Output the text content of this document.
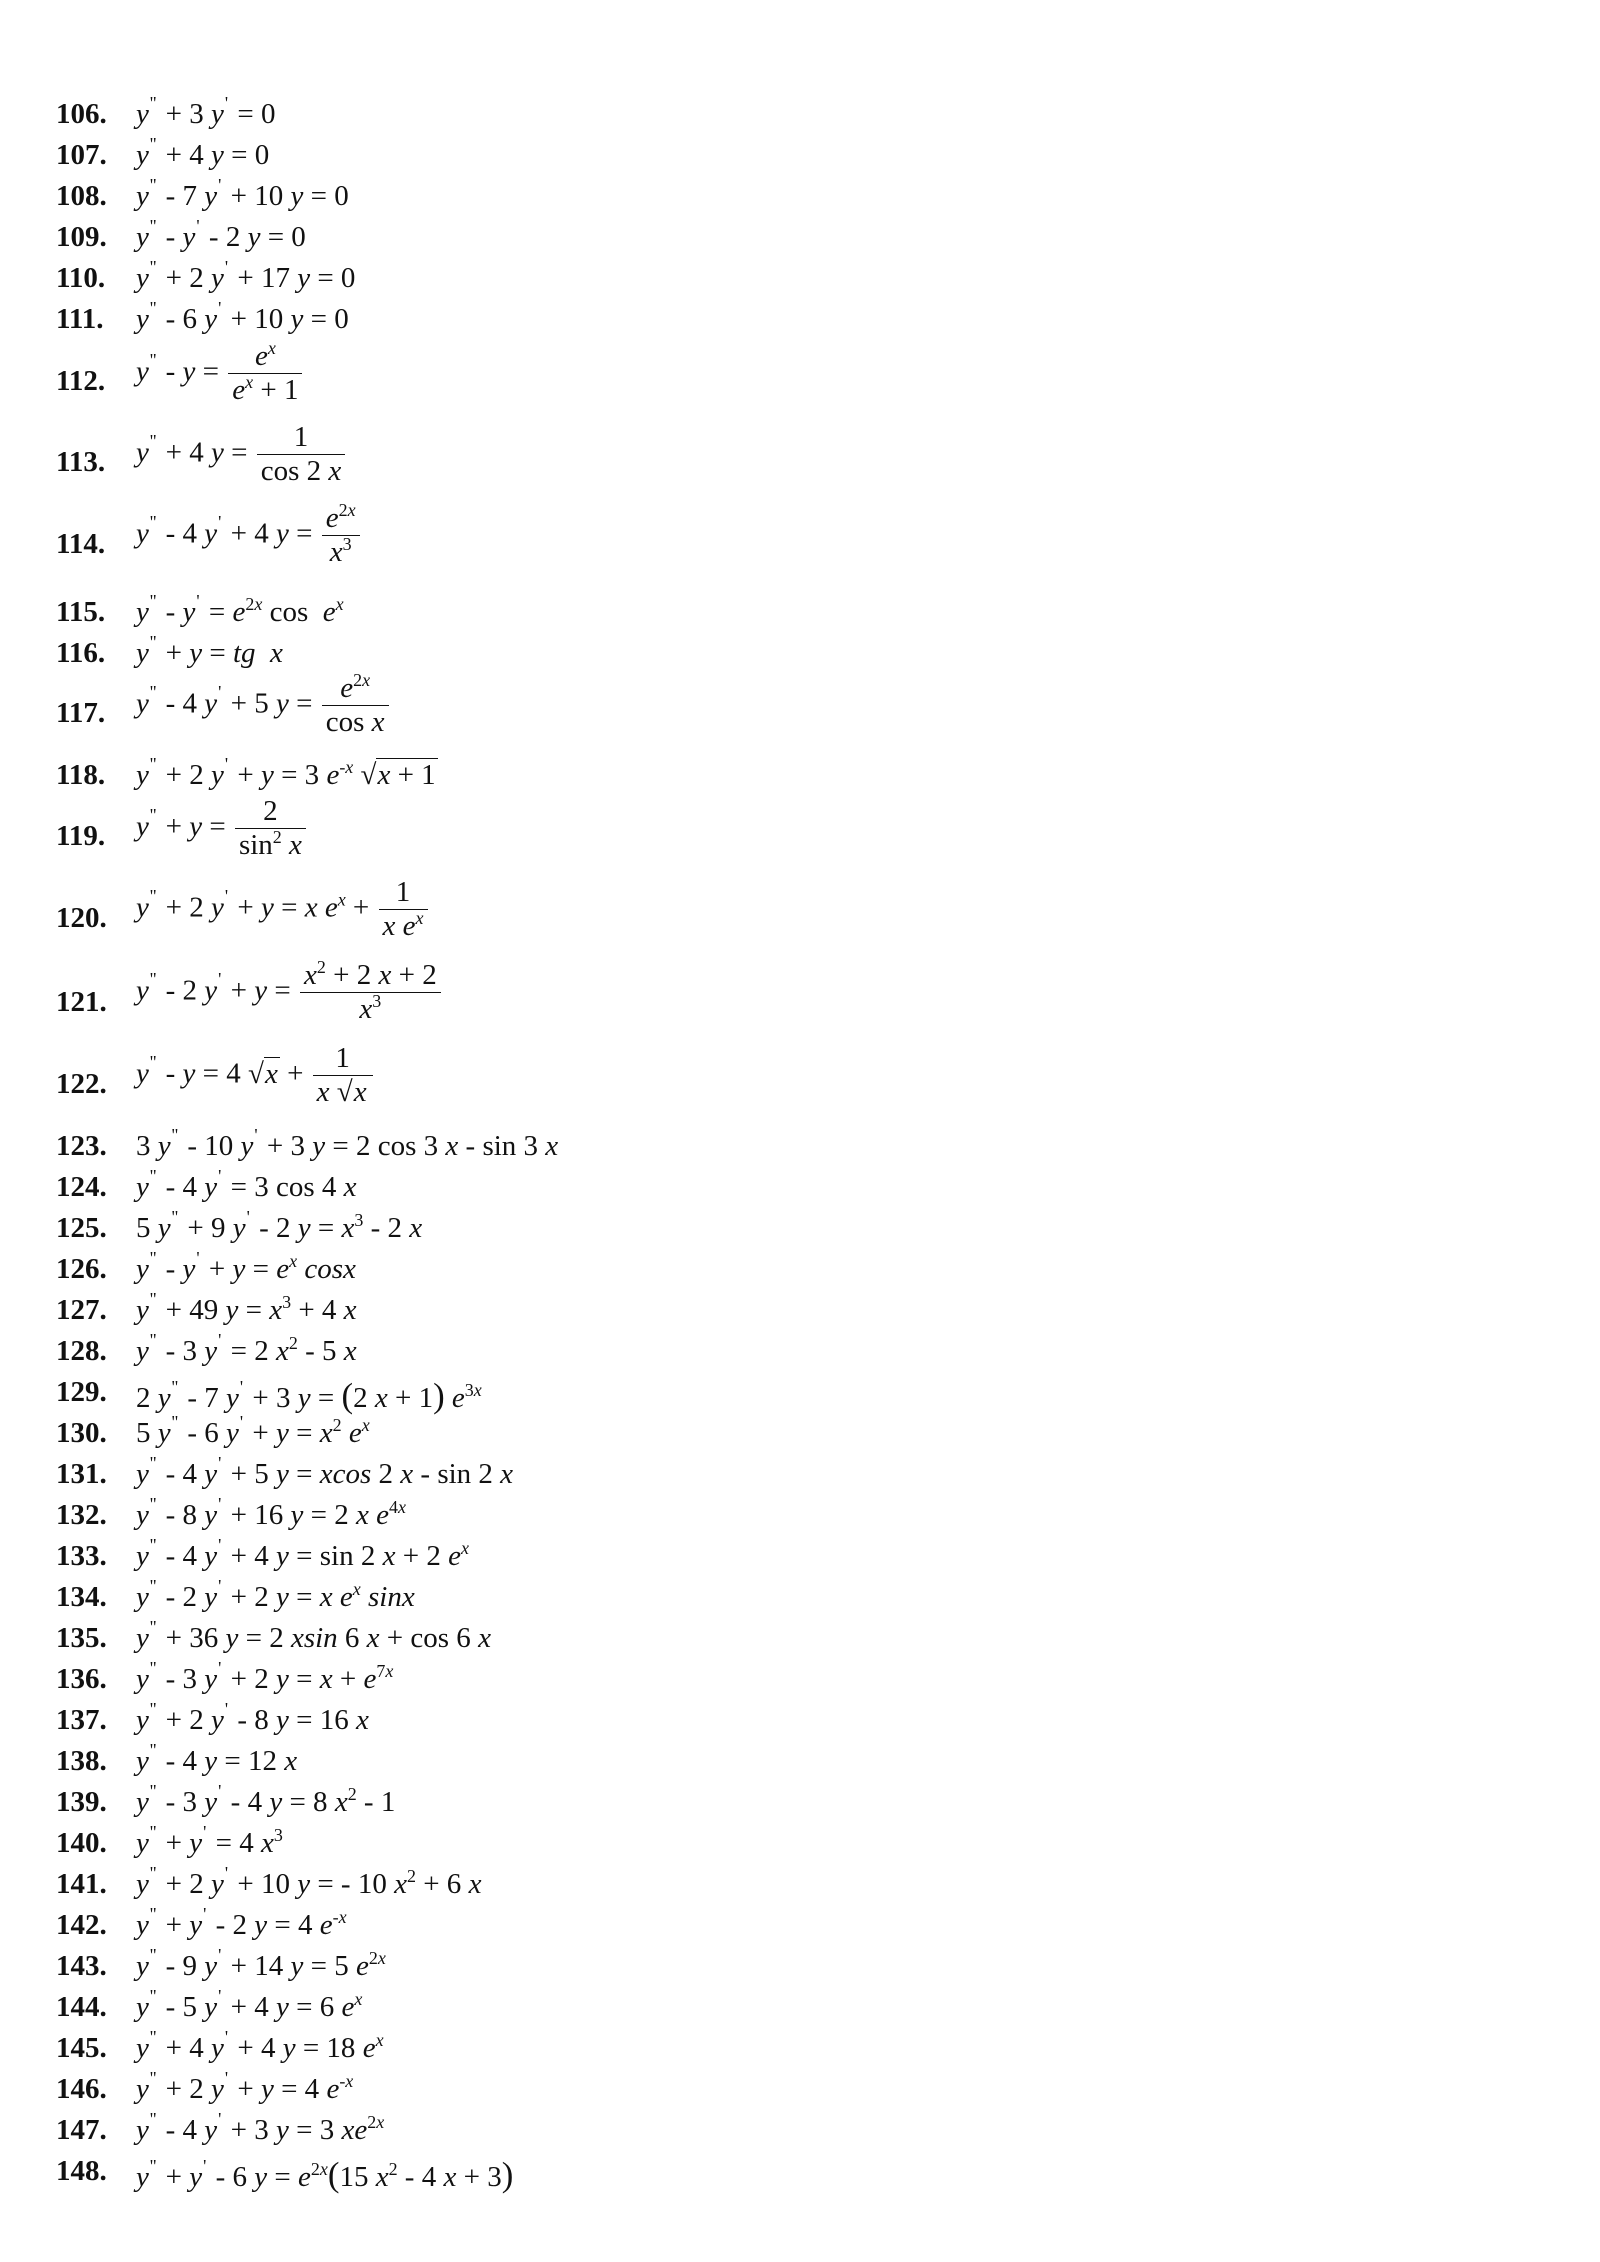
106.	y'' + 3 y' = 0
107.	y'' + 4 y = 0
108.	y'' - 7 y' + 10 y = 0
109.	y'' - y' - 2 y = 0
110.	y'' + 2 y' + 17 y = 0
111.	y'' - 6 y' + 10 y = 0
112.	$y'' - y = \frac{e^x}{e^x + 1}$
113.	y'' + 4 $y = \frac{1}{\cos 2 x}$
114.	y'' - 4 y' + 4 $y = \frac{e^{2x}}{x^3}$
115.	$y'' - y' = e^{2x}$ $\cos e^x$
116.	y'' + y = tg x
117.	y'' - 4 y' + 5 $y = \frac{e^{2x}}{\text{cos x}}$
118.	y'' + 2 y' + y = 3 $e^{-x}$ √x + 1
119.	$y'' + y = \frac{2}{\sin^2 x}$
120.	y'' + 2 y' + y = x $e^x + \frac{1}{x e^x}$
121.	y'' - 2 $y' + y = \frac{x^2 + 2 x + 2}{x^3}$
122.	y'' - y = 4 $√x + \frac{1}{x √x}$
123.	3 y'' - 10 y' + 3 y = 2 cos 3 x - sin 3 x
124.	y'' - 4 y' = 3 cos 4 x
125.	5 y'' + 9 y' - 2 $y = x^3 - 2$ x
126.	$y'' - y' + y = e^x$ cosx
127.	y'' + 49 $y = x^3 + 4$ x
128.	y'' - 3 y' = 2 $x^2 - 5$ x
129.	2 y'' - 7 y' + 3 y = (2 x + 1) $e^{3x}$
130.	5 y'' - 6 $y' + y = x^2$ $e^x$
131.	y'' - 4 y' + 5 y = xcos 2 x - sin 2 x
132.	y'' - 8 y' + 16 y = 2 x $e^{4x}$
133.	y'' - 4 y' + 4 y = sin 2 x + 2 $e^x$
134.	y'' - 2 y' + 2 y = x $e^x$ sinx
135.	y'' + 36 y = 2 xsin 6 x + cos 6 x
136.	y'' - 3 y' + 2 $y = x + e^{7x}$
137.	y'' + 2 y' - 8 y = 16 x
138.	y'' - 4 y = 12 x
139.	y'' - 3 y' - 4 y = 8 $x^2 - 1$
140.	y'' + y' = 4 $x^3$
141.	y'' + 2 y' + 10 y = - 10 $x^2 + 6$ x
142.	y'' + y' - 2 y = 4 $e^{-x}$
143.	y'' - 9 y' + 14 y = 5 $e^{2x}$
144.	y'' - 5 y' + 4 y = 6 $e^x$
145.	y'' + 4 y' + 4 y = 18 $e^x$
146.	y'' + 2 y' + y = 4 $e^{-x}$
147.	y'' - 4 y' + 3 y = 3 $xe^{2x}$
148.	y'' + y' - 6 $y = e^{2x}(15$ $x^2 - 4$ x + 3)
